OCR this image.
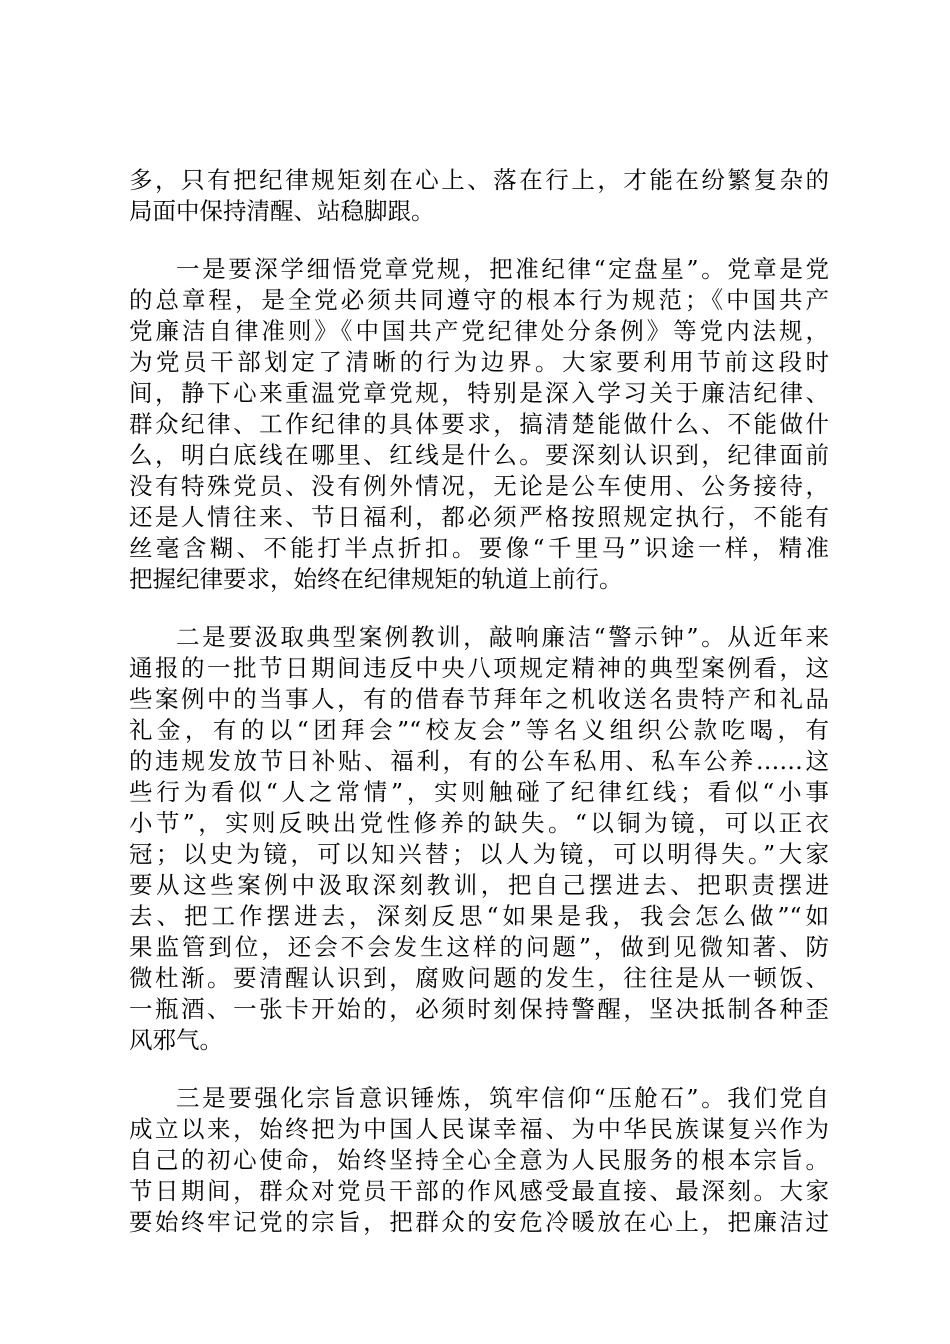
多，只有把纪律规矩刻在心上、落在行上，才能在纷繁复杂的
局面中保持清醒、站稳脚跟。
一是要深学细悟党章党规，把准纪律“定盘星”。党章是党
的总章程，是全党必须共同遵守的根本行为规范；《中国共产
党廉洁自律准则》《中国共产党纪律处分条例》等党内法规，
为党员干部划定了清晰的行为边界。大家要利用节前这段时
间，静下心来重温党章党规，特别是深入学习关于廉洁纪律、
群众纪律、工作纪律的具体要求，搞清楚能做什么、不能做什
么，明白底线在哪里、红线是什么。要深刻认识到，纪律面前
没有特殊党员、没有例外情况，无论是公车使用、公务接待，
还是人情往来、节日福利，都必须严格按照规定执行，不能有
丝毫含糊、不能打半点折扣。要像“千里马”识途一样，精准
把握纪律要求，始终在纪律规矩的轨道上前行。
二是要汲取典型案例教训，敲响廉洁“警示钟”。从近年来
通报的一批节日期间违反中央八项规定精神的典型案例看，这
些案例中的当事人，有的借春节拜年之机收送名贵特产和礼品
礼金，有的以“团拜会”“校友会”等名义组织公款吃喝，有
的违规发放节日补贴、福利，有的公车私用、私车公养……这
些行为看似“人之常情”，实则触碰了纪律红线；看似“小事
小节”，实则反映出党性修养的缺失。“以铜为镜，可以正衣
冠；以史为镜，可以知兴替；以人为镜，可以明得失。”大家
要从这些案例中汲取深刻教训，把自己摆进去、把职责摆进
去、把工作摆进去，深刻反思“如果是我，我会怎么做”“如
果监管到位，还会不会发生这样的问题”，做到见微知著、防
微杜渐。要清醒认识到，腐败问题的发生，往往是从一顿饭、
一瓶酒、一张卡开始的，必须时刻保持警醒，坚决抵制各种歪
风邪气。
三是要强化宗旨意识锤炼，筑牢信仰“压舱石”。我们党自
成立以来，始终把为中国人民谋幸福、为中华民族谋复兴作为
自己的初心使命，始终坚持全心全意为人民服务的根本宗旨。
节日期间，群众对党员干部的作风感受最直接、最深刻。大家
要始终牢记党的宗旨，把群众的安危冷暖放在心上，把廉洁过
